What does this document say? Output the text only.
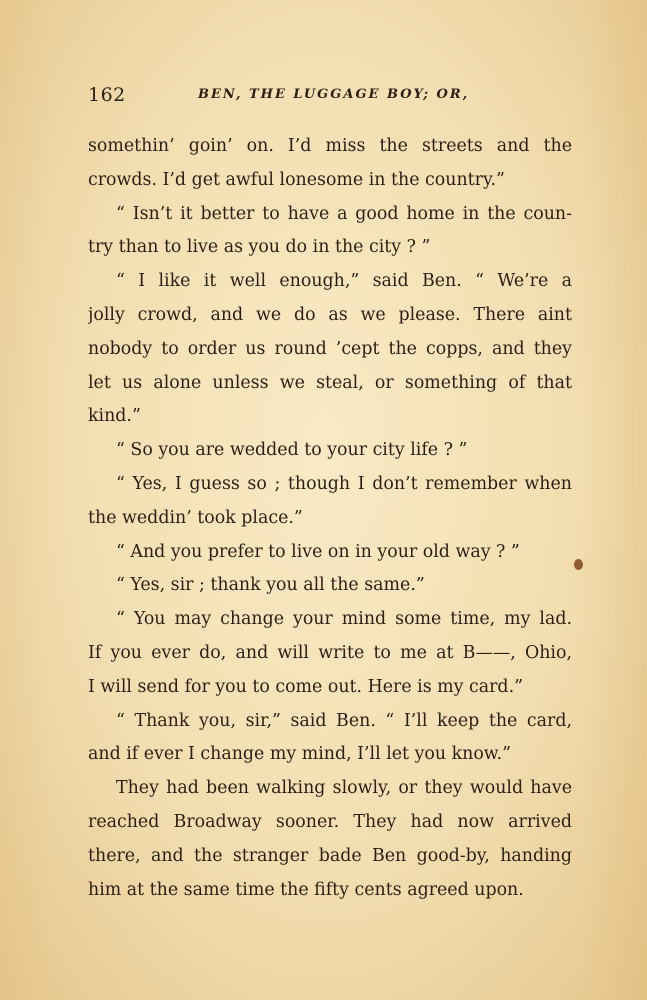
162	BEN, THE LUGGAGE BOY; OR,
somethin’ goin’ on. I’d miss the streets and the
crowds. I’d get awful lonesome in the country.”
“ Isn’t it better to have a good home in the coun-
try than to live as you do in the city ? ”
“ I like it well enough,” said Ben. “ We’re a
jolly crowd, and we do as we please. There aint
nobody to order us round ’cept the copps, and they
let us alone unless we steal, or something of that
kind.”
“ So you are wedded to your city life ? ”
“ Yes, I guess so ; though I don’t remember when
the weddin’ took place.”
“ And you prefer to live on in your old way ? ”
“ Yes, sir ; thank you all the same.”
“ You may change your mind some time, my lad.
If you ever do, and will write to me at B——, Ohio,
I will send for you to come out. Here is my card.”
“ Thank you, sir,” said Ben. “ I’ll keep the card,
and if ever I change my mind, I’ll let you know.”
They had been walking slowly, or they would have
reached Broadway sooner. They had now arrived
there, and the stranger bade Ben good-by, handing
him at the same time the fifty cents agreed upon.
